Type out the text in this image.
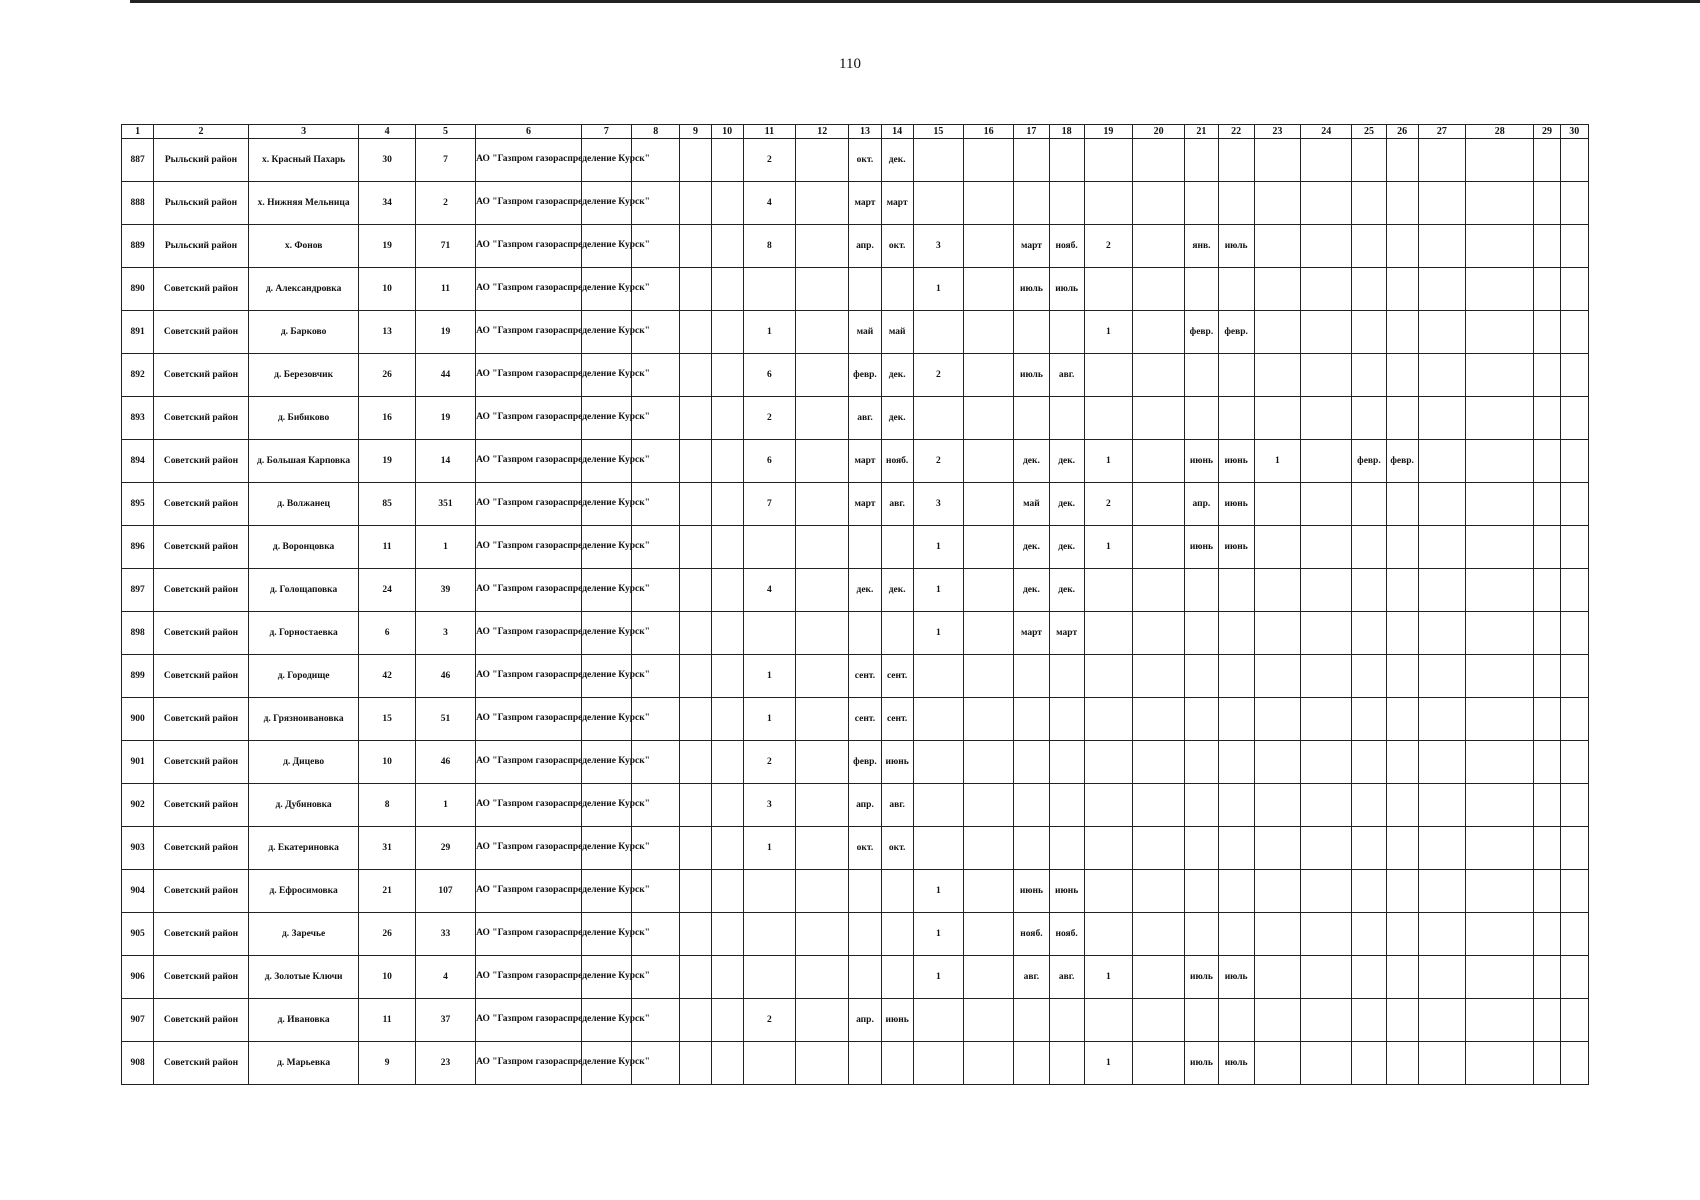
110
1	2	3	4	5	6	7	8	9	10	11	12	13	14	15	16	17	18	19	20	21	22	23	24	25	26	27	28	29	30
887	Рыльский район	х. Красный Пахарь	30	7	АО "Газпром газораспределение Курск"					2		окт.	дек.																
888	Рыльский район	х. Нижняя Мельница	34	2	АО "Газпром газораспределение Курск"					4		март	март																
889	Рыльский район	х. Фонов	19	71	АО "Газпром газораспределение Курск"					8		апр.	окт.	3		март	нояб.	2		янв.	июль								
890	Советский район	д. Александровка	10	11	АО "Газпром газораспределение Курск"									1		июль	июль												
891	Советский район	д. Барково	13	19	АО "Газпром газораспределение Курск"					1		май	май					1		февр.	февр.								
892	Советский район	д. Березовчик	26	44	АО "Газпром газораспределение Курск"					6		февр.	дек.	2		июль	авг.												
893	Советский район	д. Бибиково	16	19	АО "Газпром газораспределение Курск"					2		авг.	дек.																
894	Советский район	д. Большая Карповка	19	14	АО "Газпром газораспределение Курск"					6		март	нояб.	2		дек.	дек.	1		июнь	июнь	1		февр.	февр.				
895	Советский район	д. Волжанец	85	351	АО "Газпром газораспределение Курск"					7		март	авг.	3		май	дек.	2		апр.	июнь								
896	Советский район	д. Воронцовка	11	1	АО "Газпром газораспределение Курск"									1		дек.	дек.	1		июнь	июнь								
897	Советский район	д. Голощаповка	24	39	АО "Газпром газораспределение Курск"					4		дек.	дек.	1		дек.	дек.												
898	Советский район	д. Горностаевка	6	3	АО "Газпром газораспределение Курск"									1		март	март												
899	Советский район	д. Городище	42	46	АО "Газпром газораспределение Курск"					1		сент.	сент.																
900	Советский район	д. Грязноивановка	15	51	АО "Газпром газораспределение Курск"					1		сент.	сент.																
901	Советский район	д. Дицево	10	46	АО "Газпром газораспределение Курск"					2		февр.	июнь																
902	Советский район	д. Дубиновка	8	1	АО "Газпром газораспределение Курск"					3		апр.	авг.																
903	Советский район	д. Екатериновка	31	29	АО "Газпром газораспределение Курск"					1		окт.	окт.																
904	Советский район	д. Ефросимовка	21	107	АО "Газпром газораспределение Курск"									1		июнь	июнь												
905	Советский район	д. Заречье	26	33	АО "Газпром газораспределение Курск"									1		нояб.	нояб.												
906	Советский район	д. Золотые Ключи	10	4	АО "Газпром газораспределение Курск"									1		авг.	авг.	1		июль	июль								
907	Советский район	д. Ивановка	11	37	АО "Газпром газораспределение Курск"					2		апр.	июнь																
908	Советский район	д. Марьевка	9	23	АО "Газпром газораспределение Курск"													1		июль	июль								
